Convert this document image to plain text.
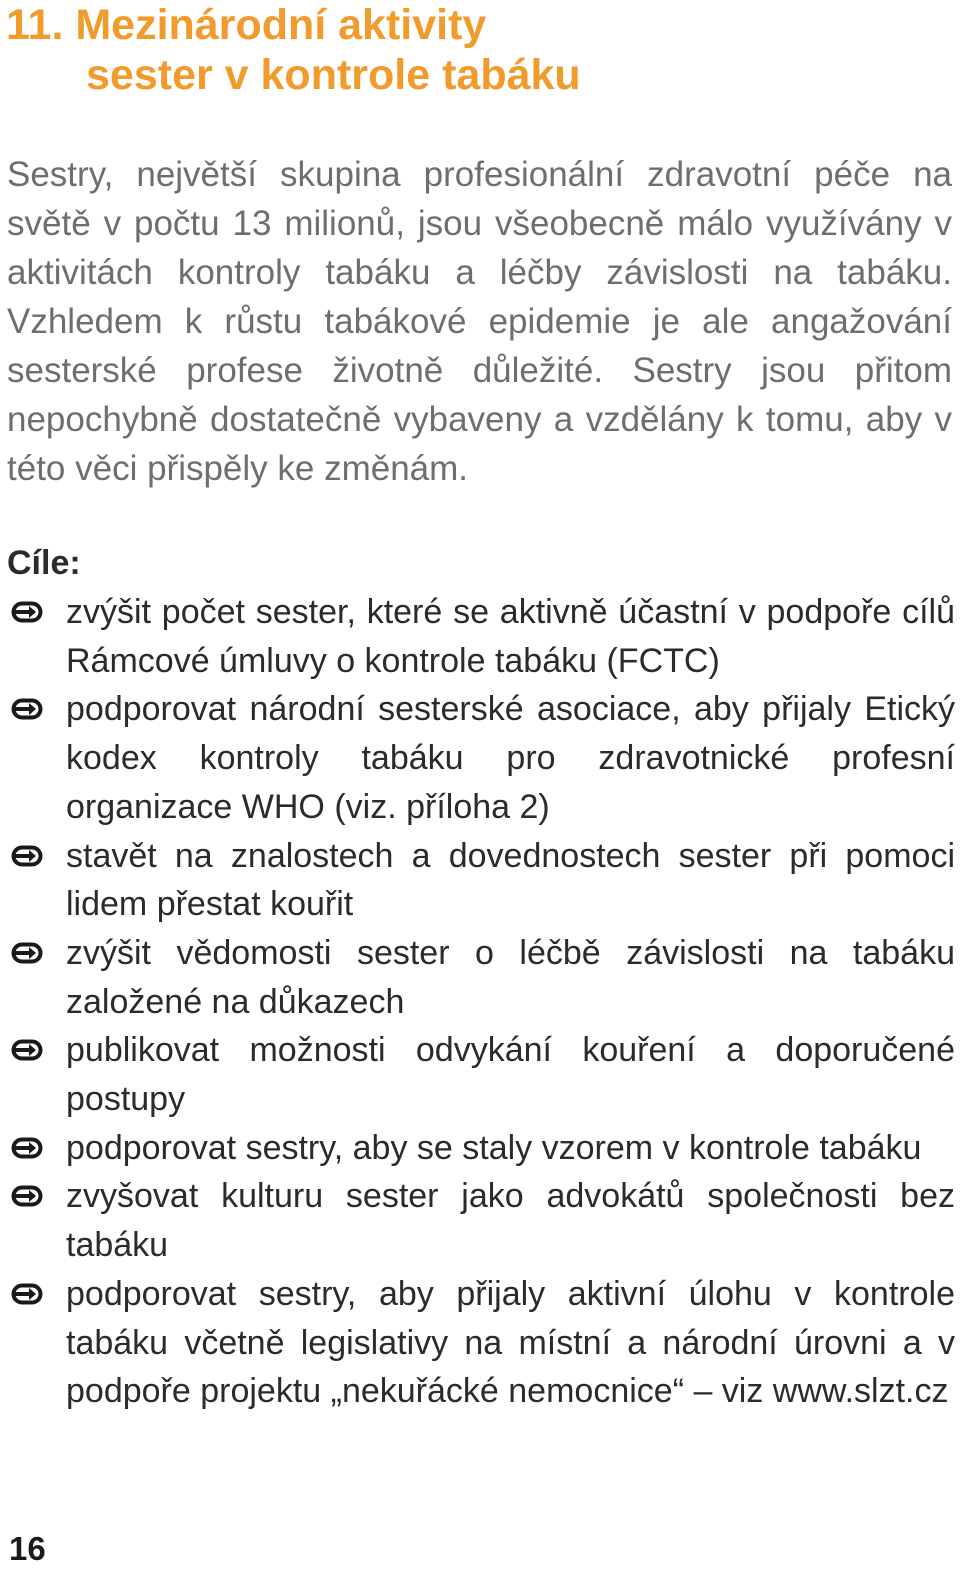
11. Mezinárodní aktivity
sester v kontrole tabáku

Sestry, největší skupina profesionální zdravotní péče na světě v počtu 13 milionů, jsou všeobecně málo využívány v aktivitách kontroly tabáku a léčby závislosti na tabáku. Vzhledem k růstu tabákové epidemie je ale angažování sesterské profese životně důležité. Sestry jsou přitom nepochybně dostatečně vybaveny a vzdělány k tomu, aby v této věci přispěly ke změnám.

Cíle:
zvýšit počet sester, které se aktivně účastní v podpoře cílů Rámcové úmluvy o kontrole tabáku (FCTC)
podporovat národní sesterské asociace, aby přijaly Etický kodex kontroly tabáku pro zdravotnické profesní organizace WHO (viz. příloha 2)
stavět na znalostech a dovednostech sester při pomoci lidem přestat kouřit
zvýšit vědomosti sester o léčbě závislosti na tabáku založené na důkazech
publikovat možnosti odvykání kouření a doporučené postupy
podporovat sestry, aby se staly vzorem v kontrole tabáku
zvyšovat kulturu sester jako advokátů společnosti bez tabáku
podporovat sestry, aby přijaly aktivní úlohu v kontrole tabáku včetně legislativy na místní a národní úrovni a v podpoře projektu „nekuřácké nemocnice“ – viz www.slzt.cz
16
